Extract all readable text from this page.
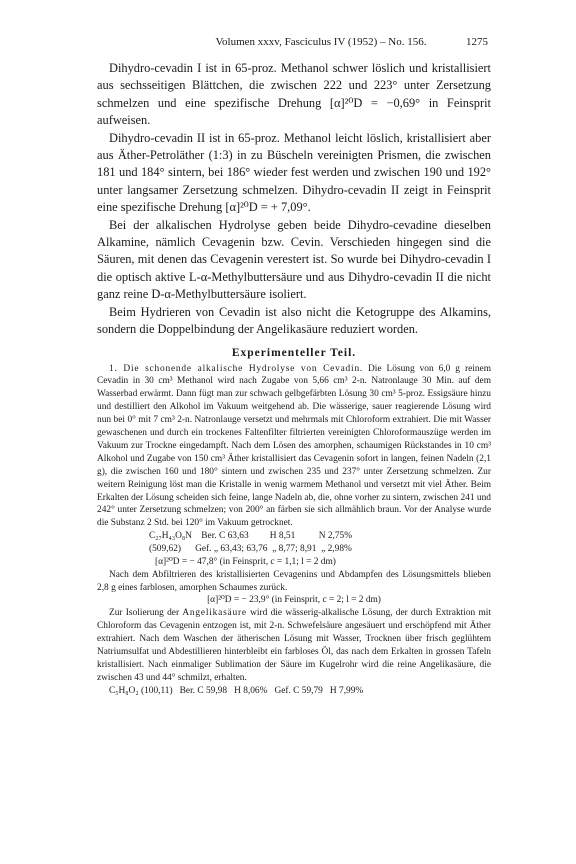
Volumen xxxv, Fasciculus IV (1952) – No. 156.	1275

Dihydro-cevadin I ist in 65-proz. Methanol schwer löslich und kristallisiert aus sechsseitigen Blättchen, die zwischen 222 und 223° unter Zersetzung schmelzen und eine spezifische Drehung [α]²⁰D = −0,69° in Feinsprit aufweisen.

Dihydro-cevadin II ist in 65-proz. Methanol leicht löslich, kristallisiert aber aus Äther-Petroläther (1:3) in zu Büscheln vereinigten Prismen, die zwischen 181 und 184° sintern, bei 186° wieder fest werden und zwischen 190 und 192° unter langsamer Zersetzung schmelzen. Dihydro-cevadin II zeigt in Feinsprit eine spezifische Drehung [α]²⁰D = + 7,09°.

Bei der alkalischen Hydrolyse geben beide Dihydro-cevadine dieselben Alkamine, nämlich Cevagenin bzw. Cevin. Verschieden hingegen sind die Säuren, mit denen das Cevagenin verestert ist. So wurde bei Dihydro-cevadin I die optisch aktive L-α-Methylbuttersäure und aus Dihydro-cevadin II die nicht ganz reine D-α-Methylbuttersäure isoliert.

Beim Hydrieren von Cevadin ist also nicht die Ketogruppe des Alkamins, sondern die Doppelbindung der Angelikasäure reduziert worden.

Experimenteller Teil.

1. Die schonende alkalische Hydrolyse von Cevadin. Die Lösung von 6,0 g reinem Cevadin in 30 cm³ Methanol wird nach Zugabe von 5,66 cm³ 2-n. Natronlauge 30 Min. auf dem Wasserbad erwärmt. Dann fügt man zur schwach gelbgefärbten Lösung 30 cm³ 5-proz. Essigsäure hinzu und destilliert den Alkohol im Vakuum weitgehend ab. Die wässerige, sauer reagierende Lösung wird nun bei 0° mit 7 cm³ 2-n. Natronlauge versetzt und mehrmals mit Chloroform extrahiert. Die mit Wasser gewaschenen und durch ein trockenes Faltenfilter filtrierten vereinigten Chloroformauszüge werden im Vakuum zur Trockne eingedampft. Nach dem Lösen des amorphen, schaumigen Rückstandes in 10 cm³ Alkohol und Zugabe von 150 cm³ Äther kristallisiert das Cevagenin sofort in langen, feinen Nadeln (2,1 g), die zwischen 160 und 180° sintern und zwischen 235 und 237° unter Zersetzung schmelzen. Zur weitern Reinigung löst man die Kristalle in wenig warmem Methanol und versetzt mit viel Äther. Beim Erkalten der Lösung scheiden sich feine, lange Nadeln ab, die, ohne vorher zu sintern, zwischen 241 und 242° unter Zersetzung schmelzen; von 200° an färben sie sich allmählich braun. Vor der Analyse wurde die Substanz 2 Std. bei 120° im Vakuum getrocknet.

C₂₇H₄₃O₈N    Ber. C 63,63         H 8,51          N 2,75%
(509,62)      Gef. „ 63,43; 63,76  „ 8,77; 8,91  „ 2,98%
[α]²⁰D = − 47,8° (in Feinsprit, c = 1,1; l = 2 dm)

Nach dem Abfiltrieren des kristallisierten Cevagenins und Abdampfen des Lösungsmittels blieben 2,8 g eines farblosen, amorphen Schaumes zurück.

[α]²⁰D = − 23,9° (in Feinsprit, c = 2; l = 2 dm)

Zur Isolierung der Angelikasäure wird die wässerig-alkalische Lösung, der durch Extraktion mit Chloroform das Cevagenin entzogen ist, mit 2-n. Schwefelsäure angesäuert und erschöpfend mit Äther extrahiert. Nach dem Waschen der ätherischen Lösung mit Wasser, Trocknen über frisch geglühtem Natriumsulfat und Abdestillieren hinterbleibt ein farbloses Öl, das nach dem Erkalten in grossen Tafeln kristallisiert. Nach einmaliger Sublimation der Säure im Kugelrohr wird die reine Angelikasäure, die zwischen 43 und 44° schmilzt, erhalten.

C₅H₈O₂ (100,11)   Ber. C 59,98   H 8,06%   Gef. C 59,79   H 7,99%
